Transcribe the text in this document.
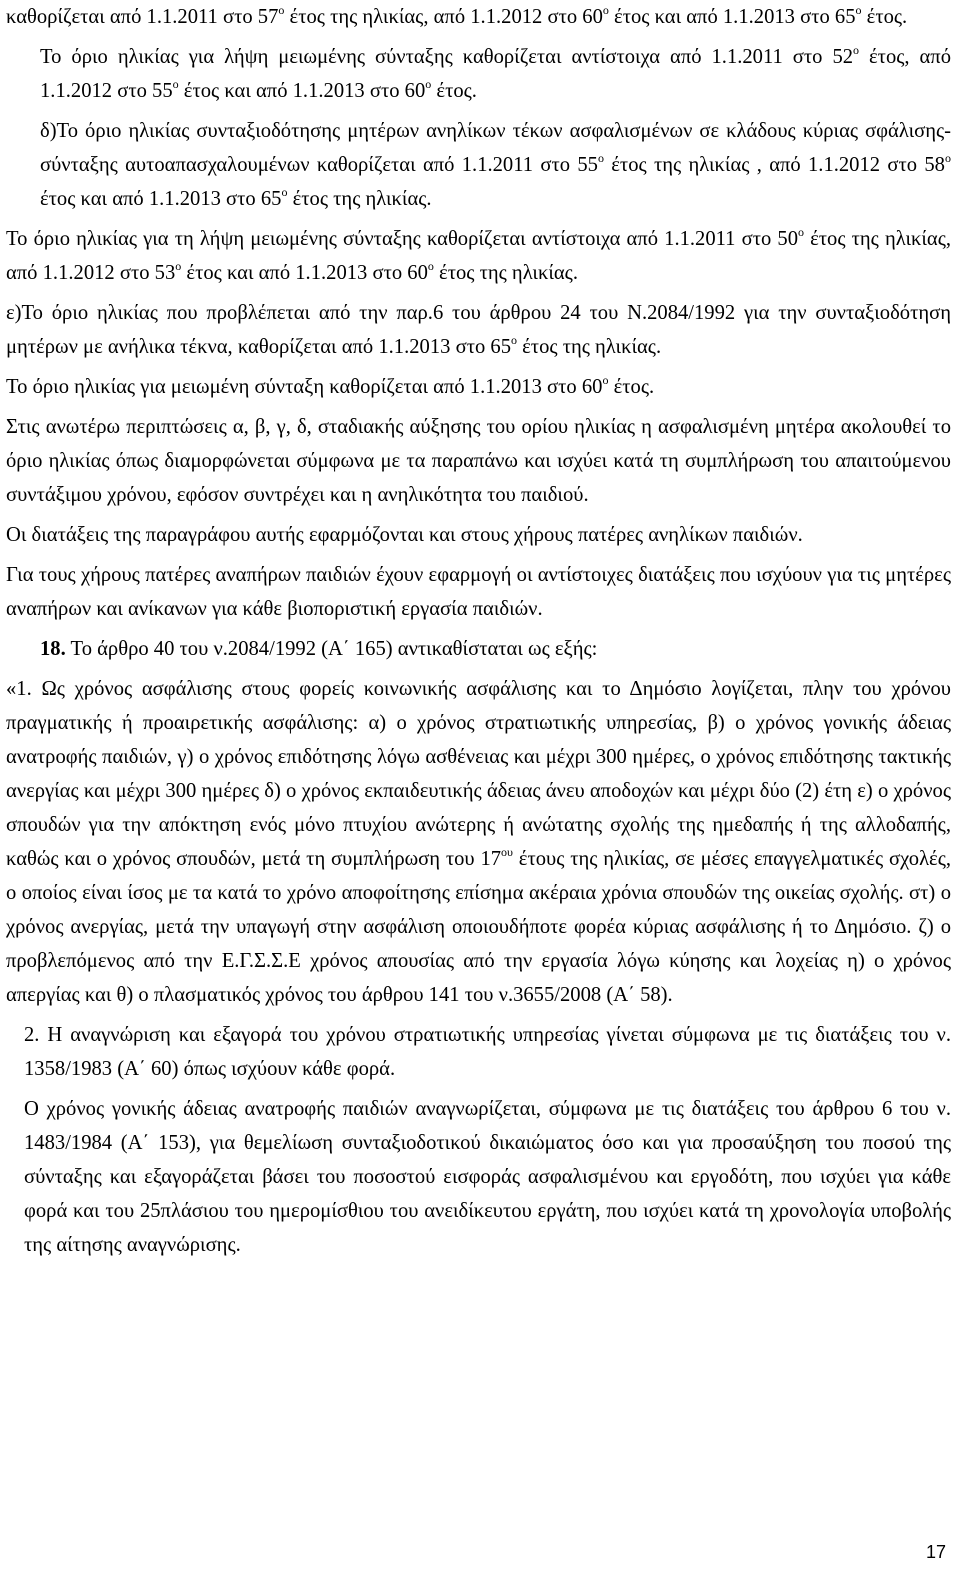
καθορίζεται από 1.1.2011 στο $57^o$ έτος της ηλικίας, από 1.1.2012 στο $60^o$ έτος και από 1.1.2013 στο $65^o$ έτος.

Το όριο ηλικίας για λήψη μειωμένης σύνταξης καθορίζεται αντίστοιχα από 1.1.2011 στο $52^o$ έτος, από 1.1.2012 στο $55^o$ έτος και από 1.1.2013 στο $60^o$ έτος.

δ)Το όριο ηλικίας συνταξιοδότησης μητέρων ανηλίκων τέκων ασφαλισμένων σε κλάδους κύριας σφάλισης- σύνταξης αυτοαπασχαλουμένων καθορίζεται από 1.1.2011 στο $55^o$ έτος της ηλικίας , από 1.1.2012 στο $58^o$ έτος και από 1.1.2013 στο $65^o$ έτος της ηλικίας.

Το όριο ηλικίας για τη λήψη μειωμένης σύνταξης καθορίζεται αντίστοιχα από 1.1.2011 στο $50^o$ έτος της ηλικίας, από 1.1.2012 στο $53^o$ έτος και από 1.1.2013 στο $60^o$ έτος της ηλικίας.

ε)Το όριο ηλικίας που προβλέπεται από την παρ.6 του άρθρου 24 του Ν.2084/1992 για την συνταξιοδότηση μητέρων με ανήλικα τέκνα, καθορίζεται από 1.1.2013 στο $65^o$ έτος της ηλικίας.

Το όριο ηλικίας για μειωμένη σύνταξη καθορίζεται από 1.1.2013 στο $60^o$ έτος.

Στις ανωτέρω περιπτώσεις α, β, γ, δ, σταδιακής αύξησης του ορίου ηλικίας η ασφαλισμένη μητέρα ακολουθεί το όριο ηλικίας όπως διαμορφώνεται σύμφωνα με τα παραπάνω και ισχύει κατά τη συμπλήρωση του απαιτούμενου συντάξιμου χρόνου, εφόσον συντρέχει και η ανηλικότητα του παιδιού.

Οι διατάξεις της παραγράφου αυτής εφαρμόζονται και στους χήρους πατέρες ανηλίκων παιδιών.

Για τους χήρους πατέρες αναπήρων παιδιών έχουν εφαρμογή οι αντίστοιχες διατάξεις που ισχύουν για τις μητέρες αναπήρων και ανίκανων για κάθε βιοποριστική εργασία παιδιών.

18. Το άρθρο 40 του ν.2084/1992 (Α΄ 165) αντικαθίσταται ως εξής:

«1. Ως χρόνος ασφάλισης στους φορείς κοινωνικής ασφάλισης και το Δημόσιο λογίζεται, πλην του χρόνου πραγματικής ή προαιρετικής ασφάλισης: α) ο χρόνος στρατιωτικής υπηρεσίας, β) ο χρόνος γονικής άδειας ανατροφής παιδιών, γ) ο χρόνος επιδότησης λόγω ασθένειας και μέχρι 300 ημέρες, ο χρόνος επιδότησης τακτικής ανεργίας και μέχρι 300 ημέρες δ) ο χρόνος εκπαιδευτικής άδειας άνευ αποδοχών και μέχρι δύο (2) έτη ε) ο χρόνος σπουδών για την απόκτηση ενός μόνο πτυχίου ανώτερης ή ανώτατης σχολής της ημεδαπής ή της αλλοδαπής, καθώς και ο χρόνος σπουδών, μετά τη συμπλήρωση του $17^{o\upsilon}$ έτους της ηλικίας, σε μέσες επαγγελματικές σχολές, ο οποίος είναι ίσος με τα κατά το χρόνο αποφοίτησης επίσημα ακέραια χρόνια σπουδών της οικείας σχολής. στ) ο χρόνος ανεργίας, μετά την υπαγωγή στην ασφάλιση οποιουδήποτε φορέα κύριας ασφάλισης ή το Δημόσιο. ζ) ο προβλεπόμενος από την Ε.Γ.Σ.Σ.Ε χρόνος απουσίας από την εργασία λόγω κύησης και λοχείας η) ο χρόνος απεργίας και θ) ο πλασματικός χρόνος του άρθρου 141 του ν.3655/2008 (Α΄ 58).

2. Η αναγνώριση και εξαγορά του χρόνου στρατιωτικής υπηρεσίας γίνεται σύμφωνα με τις διατάξεις του ν. 1358/1983 (Α΄ 60) όπως ισχύουν κάθε φορά.

Ο χρόνος γονικής άδειας ανατροφής παιδιών αναγνωρίζεται, σύμφωνα με τις διατάξεις του άρθρου 6 του ν. 1483/1984 (Α΄ 153), για θεμελίωση συνταξιοδοτικού δικαιώματος όσο και για προσαύξηση του ποσού της σύνταξης και εξαγοράζεται βάσει του ποσοστού εισφοράς ασφαλισμένου και εργοδότη, που ισχύει για κάθε φορά και του 25πλάσιου του ημερομίσθιου του ανειδίκευτου εργάτη, που ισχύει κατά τη χρονολογία υποβολής της αίτησης αναγνώρισης.

17
